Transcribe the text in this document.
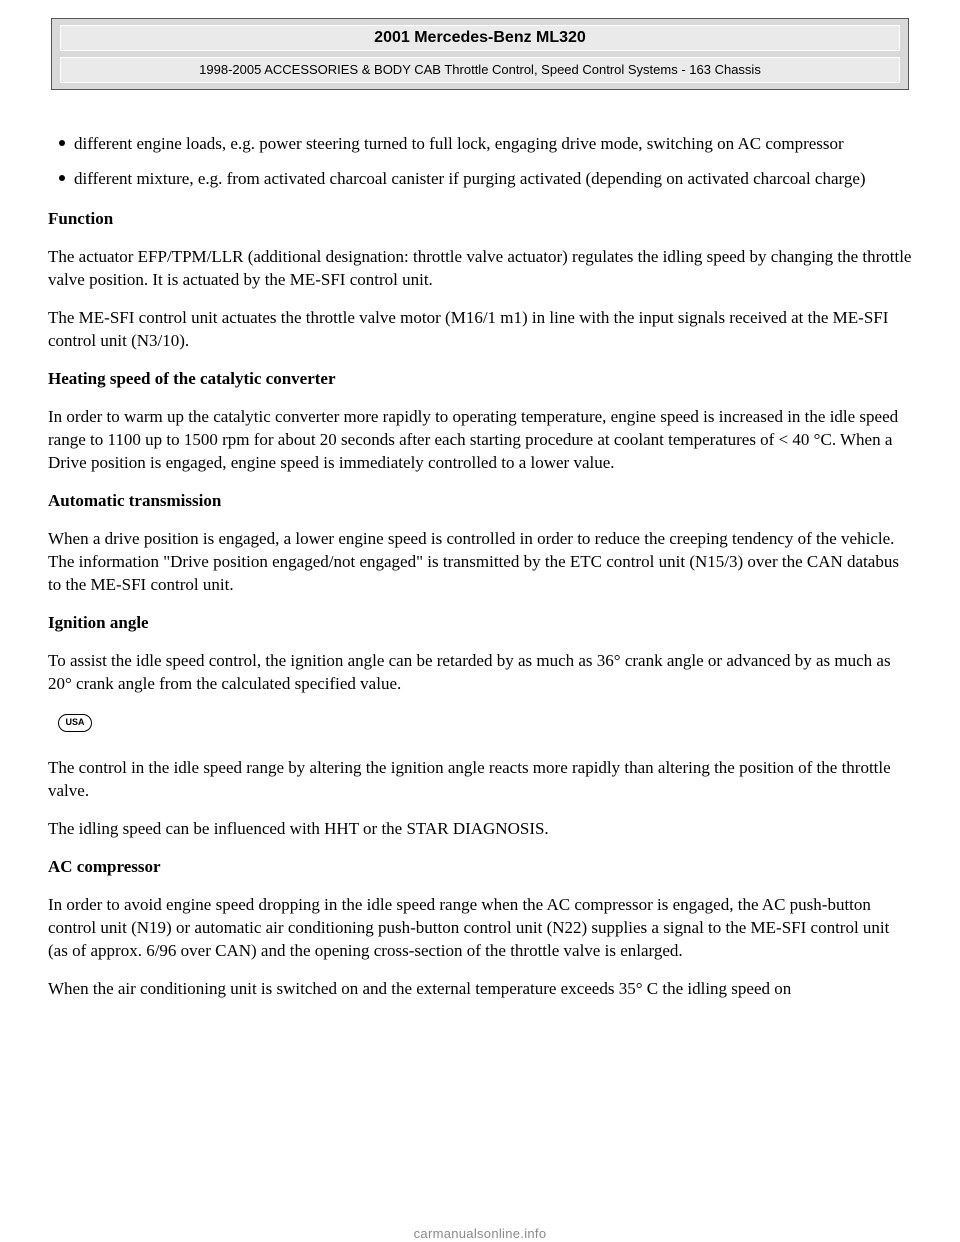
2001 Mercedes-Benz ML320
1998-2005 ACCESSORIES & BODY CAB Throttle Control, Speed Control Systems - 163 Chassis
different engine loads, e.g. power steering turned to full lock, engaging drive mode, switching on AC compressor
different mixture, e.g. from activated charcoal canister if purging activated (depending on activated charcoal charge)
Function

The actuator EFP/TPM/LLR (additional designation: throttle valve actuator) regulates the idling speed by changing the throttle valve position. It is actuated by the ME-SFI control unit.

The ME-SFI control unit actuates the throttle valve motor (M16/1 m1) in line with the input signals received at the ME-SFI control unit (N3/10).

Heating speed of the catalytic converter

In order to warm up the catalytic converter more rapidly to operating temperature, engine speed is increased in the idle speed range to 1100 up to 1500 rpm for about 20 seconds after each starting procedure at coolant temperatures of < 40 °C. When a Drive position is engaged, engine speed is immediately controlled to a lower value.

Automatic transmission

When a drive position is engaged, a lower engine speed is controlled in order to reduce the creeping tendency of the vehicle. The information "Drive position engaged/not engaged" is transmitted by the ETC control unit (N15/3) over the CAN databus to the ME-SFI control unit.

Ignition angle

To assist the idle speed control, the ignition angle can be retarded by as much as 36° crank angle or advanced by as much as 20° crank angle from the calculated specified value.

USA

The control in the idle speed range by altering the ignition angle reacts more rapidly than altering the position of the throttle valve.

The idling speed can be influenced with HHT or the STAR DIAGNOSIS.

AC compressor

In order to avoid engine speed dropping in the idle speed range when the AC compressor is engaged, the AC push-button control unit (N19) or automatic air conditioning push-button control unit (N22) supplies a signal to the ME-SFI control unit (as of approx. 6/96 over CAN) and the opening cross-section of the throttle valve is enlarged.

When the air conditioning unit is switched on and the external temperature exceeds 35° C the idling speed on

carmanualsonline.info
